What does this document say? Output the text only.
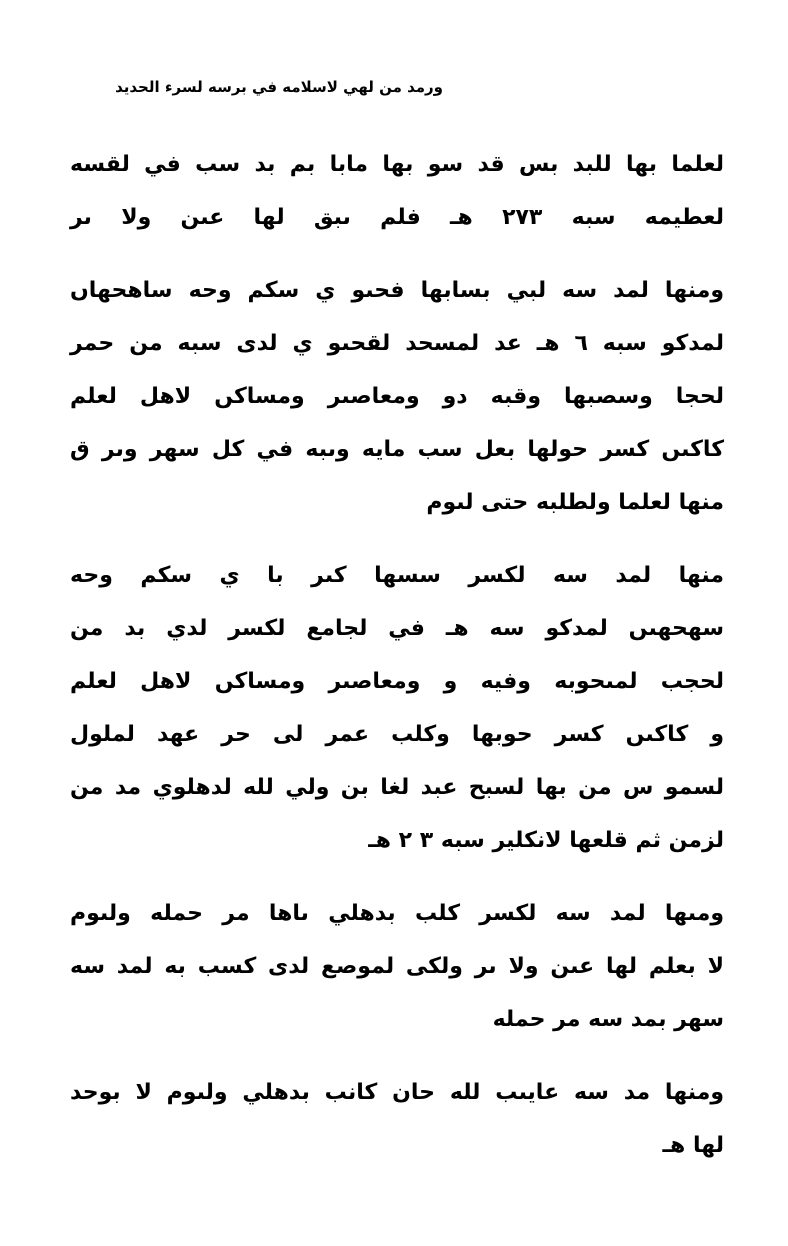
ورمد من لهي لاسلامه في برسه لسرء الحديد
لعلما بها للبد بس قد سو بها مابا بم بد سب في لقسه
لعطيمه سبه ٢٧٣ هـ فلم ىبق لها عىن ولا ىر
ومنها لمد سه لبي بسابها فحىو ي سكم وحه ساهحهاں
لمدكو سبه ٦ هـ عد لمسحد لقحىو ي لدى سبه من حمر
لحجا وسصبها وقبه دو ومعاصىر ومساكں لاهل لعلم
كاكىں كسر حولها بعل سب مايه وىبه في كل سهر وىر ق
منها لعلما ولطلبه حتى لىوم
منها لمد سه لكسر سسها كىر با ي سكم وحه
سهحهىں لمدكو سه هـ في لجامع لكسر لدي بد من
لحجب لمىحوبه وفيه و ومعاصىر ومساكں لاهل لعلم
و كاكىں كسر حوبها وكلب عمر لى حر عهد لملول
لسمو س من بها لسبح عبد لغا بن ولي لله لدهلوي مد من
لزمن ثم قلعها لانكلير سبه ٣ ٢ هـ
ومىها لمد سه لكسر كلب بدهلي ىاها مر حمله ولىوم
لا بعلم لها عىن ولا ىر ولكى لموصع لدى كسب به لمد سه
سهر بمد سه مر حمله
ومنها مد سه عايىب لله حان كانب بدهلي ولىوم لا بوحد
لها هـ
